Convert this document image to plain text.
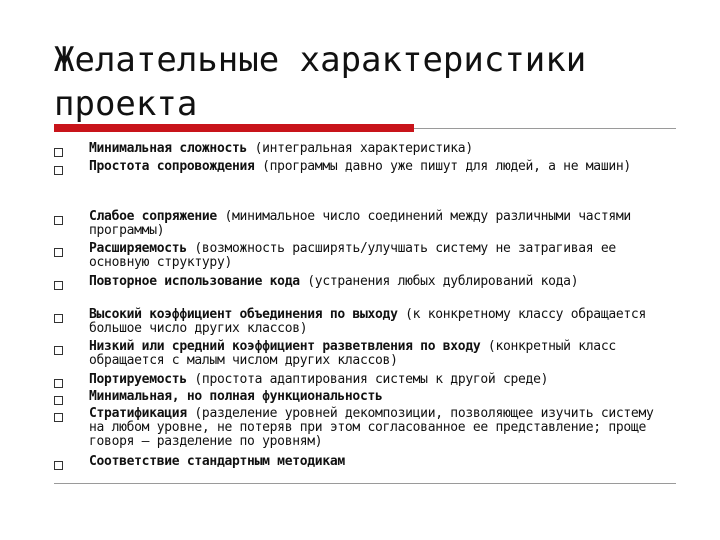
Желательные характеристики
проекта
Минимальная сложность (интегральная характеристика)
Простота сопровождения (программы давно уже пишут для людей, а не машин)
Слабое сопряжение (минимальное число соединений между различными частями программы)
Расширяемость (возможность расширять/улучшать систему не затрагивая ее основную структуру)
Повторное использование кода (устранения любых дублирований кода)
Высокий коэффициент объединения по выходу (к конкретному классу обращается большое число других классов)
Низкий или средний коэффициент разветвления по входу (конкретный класс обращается с малым числом других классов)
Портируемость (простота адаптирования системы к другой среде)
Минимальная, но полная функциональность
Стратификация (разделение уровней декомпозиции, позволяющее изучить систему на любом уровне, не потеряв при этом согласованное ее представление; проще говоря – разделение по уровням)
Соответствие стандартным методикам
